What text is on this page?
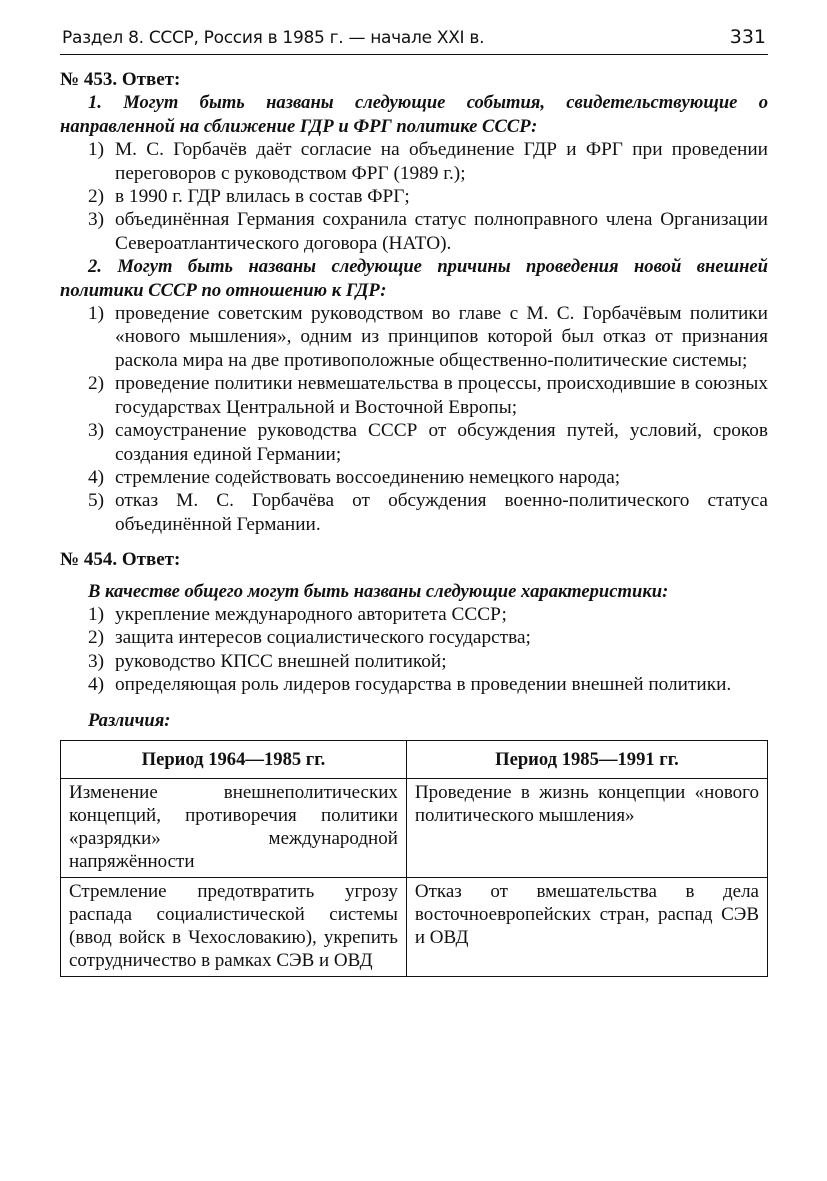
Раздел 8. СССР, Россия в 1985 г. — начале XXI в.	331

№ 453. Ответ:

1. Могут быть названы следующие события, свидетельствующие о направленной на сближение ГДР и ФРГ политике СССР:

1) М. С. Горбачёв даёт согласие на объединение ГДР и ФРГ при проведении переговоров с руководством ФРГ (1989 г.);
2) в 1990 г. ГДР влилась в состав ФРГ;
3) объединённая Германия сохранила статус полноправного члена Организации Североатлантического договора (НАТО).

2. Могут быть названы следующие причины проведения новой внешней политики СССР по отношению к ГДР:

1) проведение советским руководством во главе с М. С. Горбачёвым политики «нового мышления», одним из принципов которой был отказ от признания раскола мира на две противоположные общественно-политические системы;
2) проведение политики невмешательства в процессы, происходившие в союзных государствах Центральной и Восточной Европы;
3) самоустранение руководства СССР от обсуждения путей, условий, сроков создания единой Германии;
4) стремление содействовать воссоединению немецкого народа;
5) отказ М. С. Горбачёва от обсуждения военно-политического статуса объединённой Германии.

№ 454. Ответ:

В качестве общего могут быть названы следующие характеристики:

1) укрепление международного авторитета СССР;
2) защита интересов социалистического государства;
3) руководство КПСС внешней политикой;
4) определяющая роль лидеров государства в проведении внешней политики.

Различия:

Период 1964—1985 гг.	Период 1985—1991 гг.
Изменение внешнеполитических концепций, противоречия политики «разрядки» международной напряжённости	Проведение в жизнь концепции «нового политического мышления»
Стремление предотвратить угрозу распада социалистической системы (ввод войск в Чехословакию), укрепить сотрудничество в рамках СЭВ и ОВД	Отказ от вмешательства в дела восточноевропейских стран, распад СЭВ и ОВД
